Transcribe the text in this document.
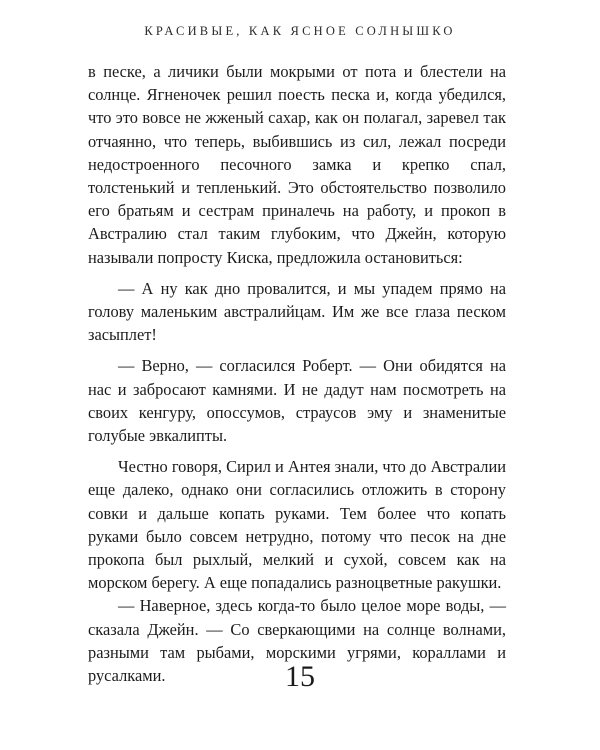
КРАСИВЫЕ, КАК ЯСНОЕ СОЛНЫШКО

в песке, а личики были мокрыми от пота и блестели на солнце. Ягненочек решил поесть песка и, когда убедился, что это вовсе не жженый сахар, как он полагал, заревел так отчаянно, что теперь, выбившись из сил, лежал посреди недостроенного песочного замка и крепко спал, толстенький и тепленький. Это обстоятельство позволило его братьям и сестрам приналечь на работу, и прокоп в Австралию стал таким глубоким, что Джейн, которую называли попросту Киска, предложила остановиться:

— А ну как дно провалится, и мы упадем прямо на голову маленьким австралийцам. Им же все глаза песком засыплет!

— Верно, — согласился Роберт. — Они обидятся на нас и забросают камнями. И не дадут нам посмотреть на своих кенгуру, опоссумов, страусов эму и знаменитые голубые эвкалипты.

Честно говоря, Сирил и Антея знали, что до Австралии еще далеко, однако они согласились отложить в сторону совки и дальше копать руками. Тем более что копать руками было совсем нетрудно, потому что песок на дне прокопа был рыхлый, мелкий и сухой, совсем как на морском берегу. А еще попадались разноцветные ракушки.

— Наверное, здесь когда-то было целое море воды, — сказала Джейн. — Со сверкающими на солнце волнами, разными там рыбами, морскими угрями, кораллами и русалками.	15
